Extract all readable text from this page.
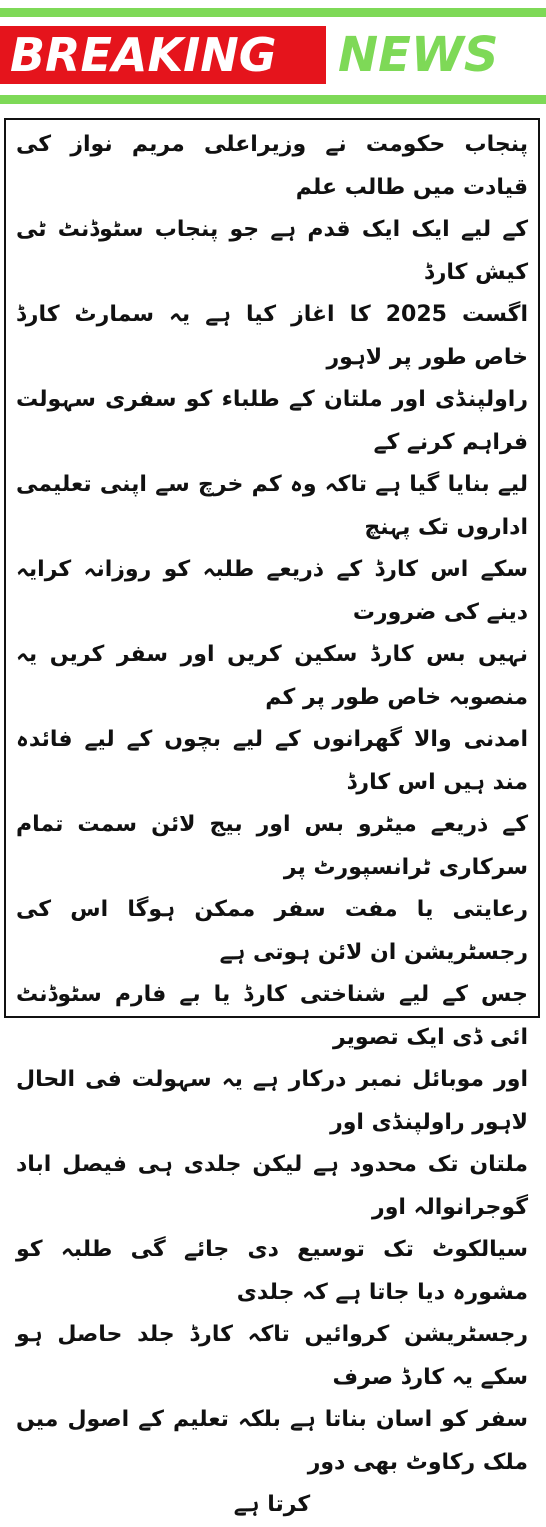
BREAKING NEWS

پنجاب حکومت نے وزیراعلی مریم نواز کی قیادت میں طالب علم
کے لیے ایک ایک قدم ہے جو پنجاب سٹوڈنٹ ٹی کیش کارڈ
اگست 2025 کا اغاز کیا ہے یہ سمارٹ کارڈ خاص طور پر لاہور
راولپنڈی اور ملتان کے طلباء کو سفری سہولت فراہم کرنے کے
لیے بنایا گیا ہے تاکہ وہ کم خرچ سے اپنی تعلیمی اداروں تک پہنچ
سکے اس کارڈ کے ذریعے طلبہ کو روزانہ کرایہ دینے کی ضرورت
نہیں بس کارڈ سکین کریں اور سفر کریں یہ منصوبہ خاص طور پر کم
امدنی والا گھرانوں کے لیے بچوں کے لیے فائدہ مند ہیں اس کارڈ
کے ذریعے میٹرو بس اور بیج لائن سمت تمام سرکاری ٹرانسپورٹ پر
رعایتی یا مفت سفر ممکن ہوگا اس کی رجسٹریشن ان لائن ہوتی ہے
جس کے لیے شناختی کارڈ یا بے فارم سٹوڈنٹ ائی ڈی ایک تصویر
اور موبائل نمبر درکار ہے یہ سہولت فی الحال لاہور راولپنڈی اور
ملتان تک محدود ہے لیکن جلدی ہی فیصل اباد گوجرانوالہ اور
سیالکوٹ تک توسیع دی جائے گی طلبہ کو مشورہ دیا جاتا ہے کہ جلدی
رجسٹریشن کروائیں تاکہ کارڈ جلد حاصل ہو سکے یہ کارڈ صرف
سفر کو اسان بناتا ہے بلکہ تعلیم کے اصول میں ملک رکاوٹ بھی دور
کرتا ہے
